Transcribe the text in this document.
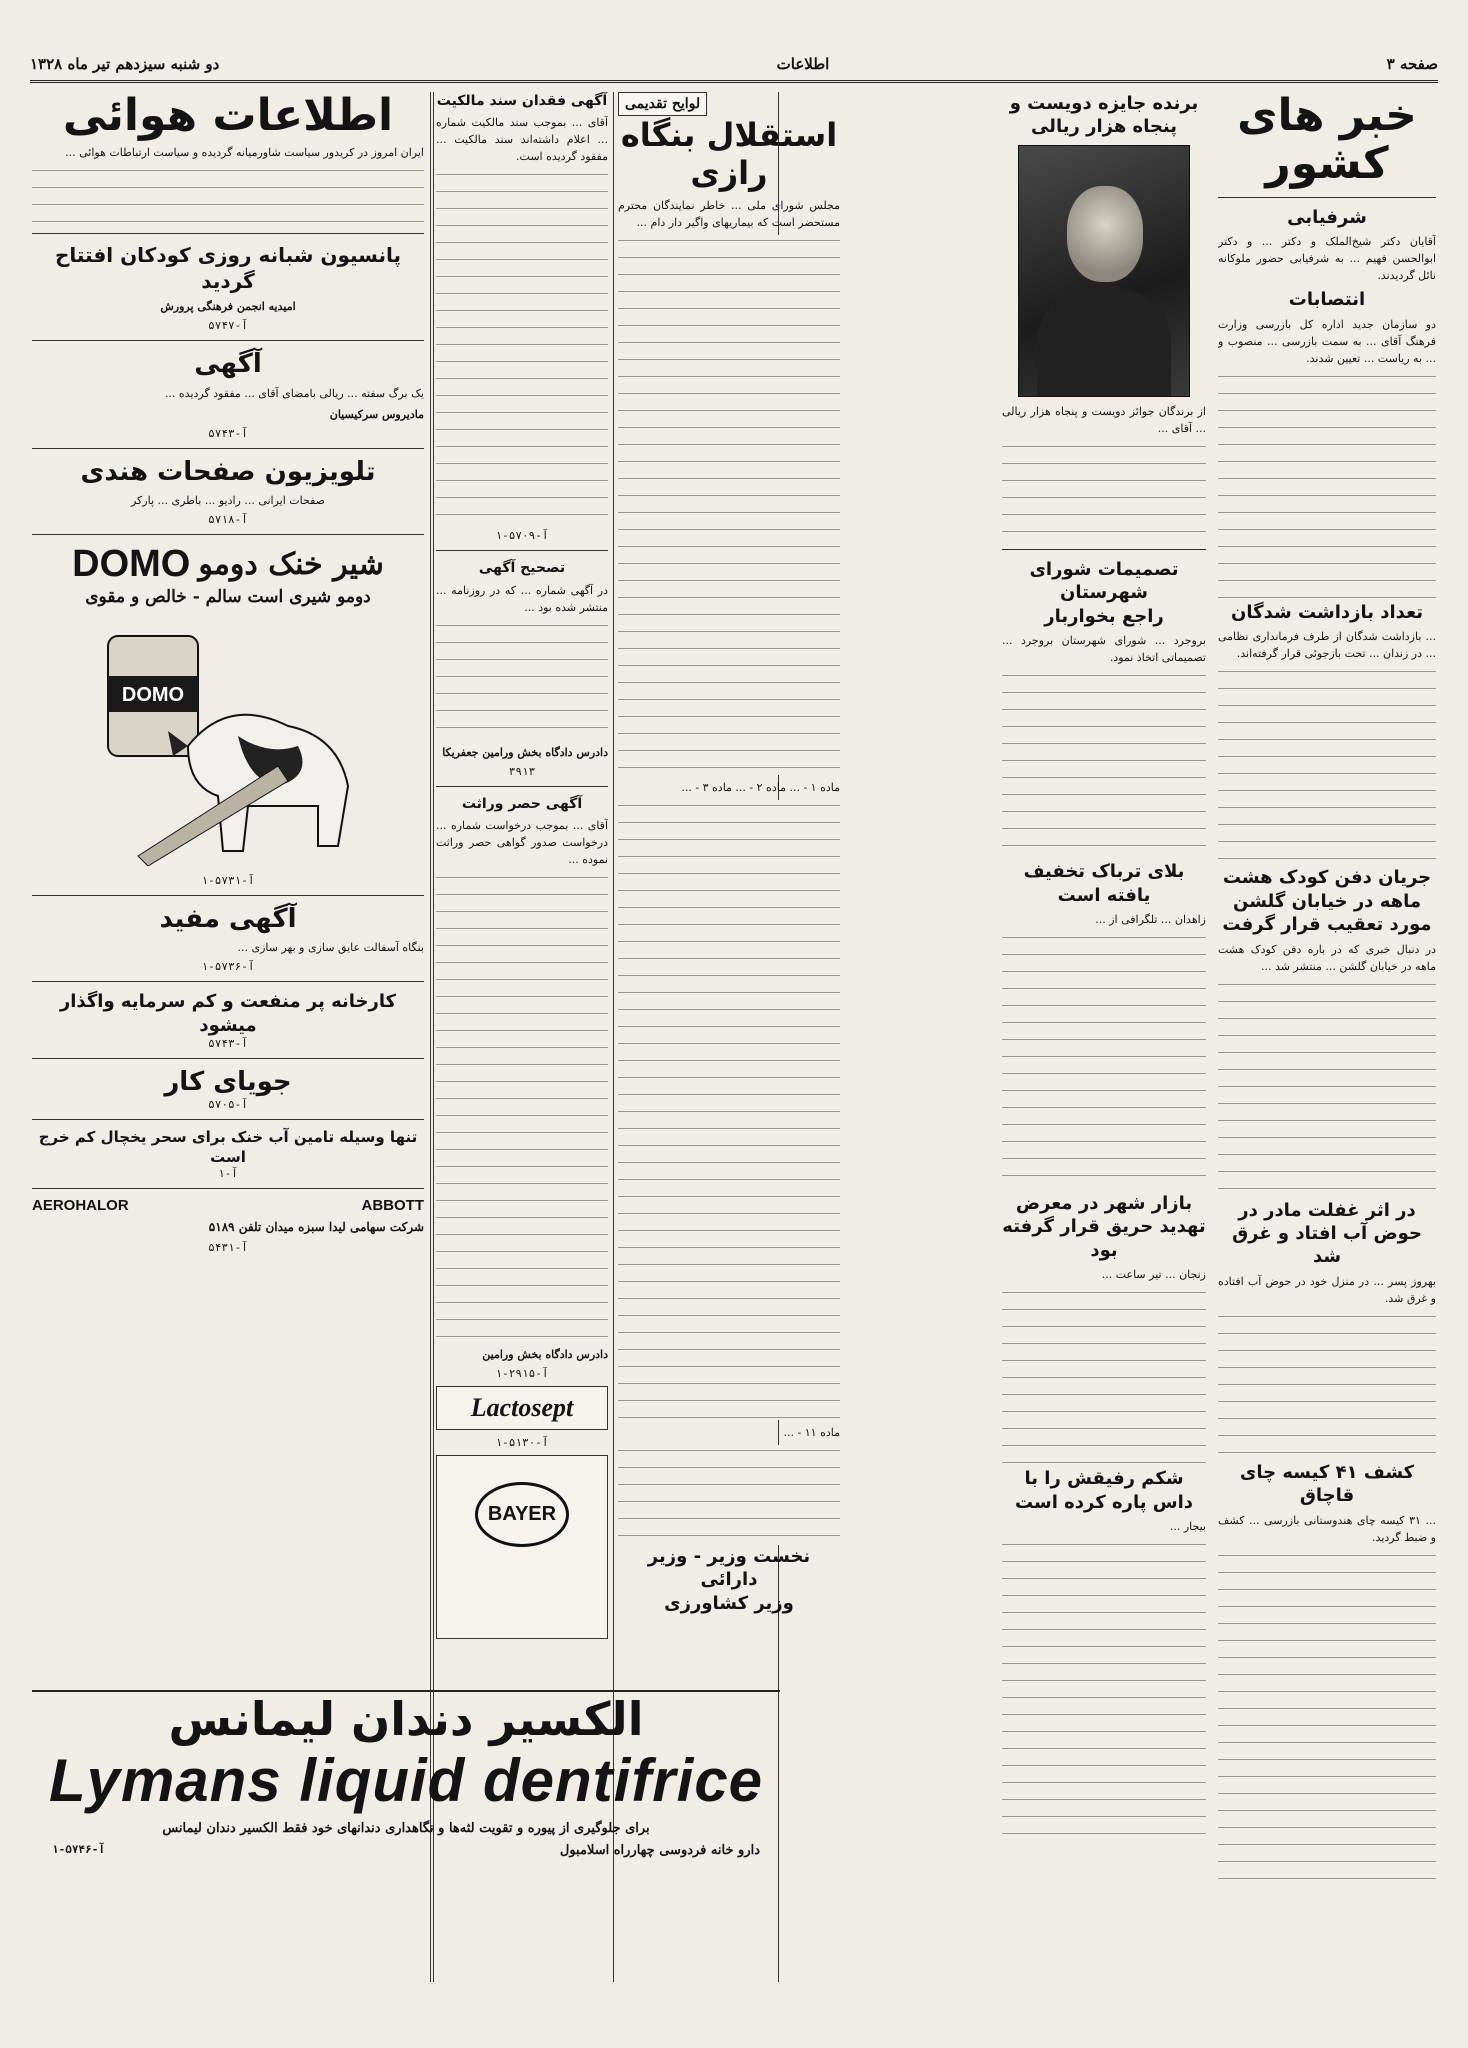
صفحه ۳
اطلاعات
دو شنبه سیزدهم تیر ماه ۱۳۲۸
خبر های کشور
شرفیابی

آقایان دکتر شیخ‌الملک و دکتر ... و دکتر ابوالحسن فهیم ... به شرفیابی حضور ملوکانه نائل گردیدند.

انتصابات

دو سازمان جدید اداره کل بازرسی وزارت فرهنگ آقای ... به سمت بازرسی ... منصوب و ... به ریاست ... تعیین شدند.

تعداد بازداشت شدگان

... بازداشت شدگان از طرف فرمانداری نظامی ... در زندان ... تحت بازجوئی قرار گرفته‌اند.

جریان دفن کودک هشت ماهه در خیابان گلشن
مورد تعقیب قرار گرفت

در دنبال خبری که در باره دفن کودک هشت ماهه در خیابان گلشن ... منتشر شد ...

در اثر غفلت مادر در حوض آب افتاد و غرق شد

بهروز پسر ... در منزل خود در حوض آب افتاده و غرق شد.

کشف ۴۱ کیسه چای قاچاق

... ۳۱ کیسه چای هندوستانی بازرسی ... کشف و ضبط گردید.

برنده جایزه دویست و پنجاه هزار ریالی

از برندگان جوائز دویست و پنجاه هزار ریالی ... آقای ...

تصمیمات شورای شهرستان
راجع بخواربار

بروجرد ... شورای شهرستان بروجرد ... تصمیماتی اتخاذ نمود.

بلای ترباک تخفیف یافته است

زاهدان ... تلگرافی از ...

بازار شهر در معرض تهدید حریق قرار گرفته بود

زنجان ... تیر ساعت ...

شکم رفیقش را با داس پاره کرده است

بیجار ...

لوایح تقدیمی
استقلال بنگاه رازی

مجلس شورای ملی ... خاطر نمایندگان محترم مستحضر است که بیماریهای واگیر دار دام ...

ماده ۱ - ... ماده ۲ - ... ماده ۳ - ...

ماده ۱۱ - ...

نخست وزیر - وزیر دارائی
وزیر کشاورزی
آگهی فقدان سند مالکیت

آقای ... بموجب سند مالکیت شماره ... اعلام داشته‌اند سند مالکیت ... مفقود گردیده است.

آ-۵۷۰۹-۱
تصحیح آگهی

در آگهی شماره ... که در روزنامه ... منتشر شده بود ...

دادرس دادگاه بخش ورامین جعفریکا

۳۹۱۳
آگهی حصر وراثت

آقای ... بموجب درخواست شماره ... درخواست صدور گواهی حصر وراثت نموده ...

دادرس دادگاه بخش ورامین

آ-۲۹۱۵-۱
Lactosept
آ-۵۱۳۰-۱
BAYER
اطلاعات هوائی

ایران امروز در کریدور سیاست شاورمیانه گردیده و سیاست ارتباطات هوائی ...

پانسیون شبانه روزی کودکان افتتاح گردید

امیدیه انجمن فرهنگی پرورش

آ-۵۷۴۷
آگهی

یک برگ سفته ... ریالی بامضای آقای ... مفقود گردیده ...

مادیروس سرکیسیان

آ-۵۷۴۳
تلویزیون صفحات هندی

صفحات ایرانی ... رادیو ... باطری ... پارکر

آ-۵۷۱۸
شیر خنک دومو
DOMO
دومو شیری است سالم - خالص و مقوی
DOMO
آ-۵۷۳۱-۱
آگهی مفید

بنگاه آسفالت عایق سازی و بهر سازی ...

آ-۵۷۳۶-۱
کارخانه پر منفعت و کم سرمایه واگذار میشود
آ-۵۷۴۳
جویای کار
آ-۵۷۰۵
تنها وسیله تامین آب خنک برای سحر یخچال کم خرج است
آ-۱
AEROHALOR	ABBOTT

شرکت سهامی لیدا سبزه میدان تلفن ۵۱۸۹

آ-۵۴۳۱
الکسیر دندان لیمانس
Lymans liquid dentifrice

برای جلوگیری از پیوره و تقویت لثه‌ها و نگاهداری دندانهای خود فقط الکسیر دندان لیمانس

دارو خانه فردوسی چهارراه اسلامبول
آ-۵۷۴۶-۱
